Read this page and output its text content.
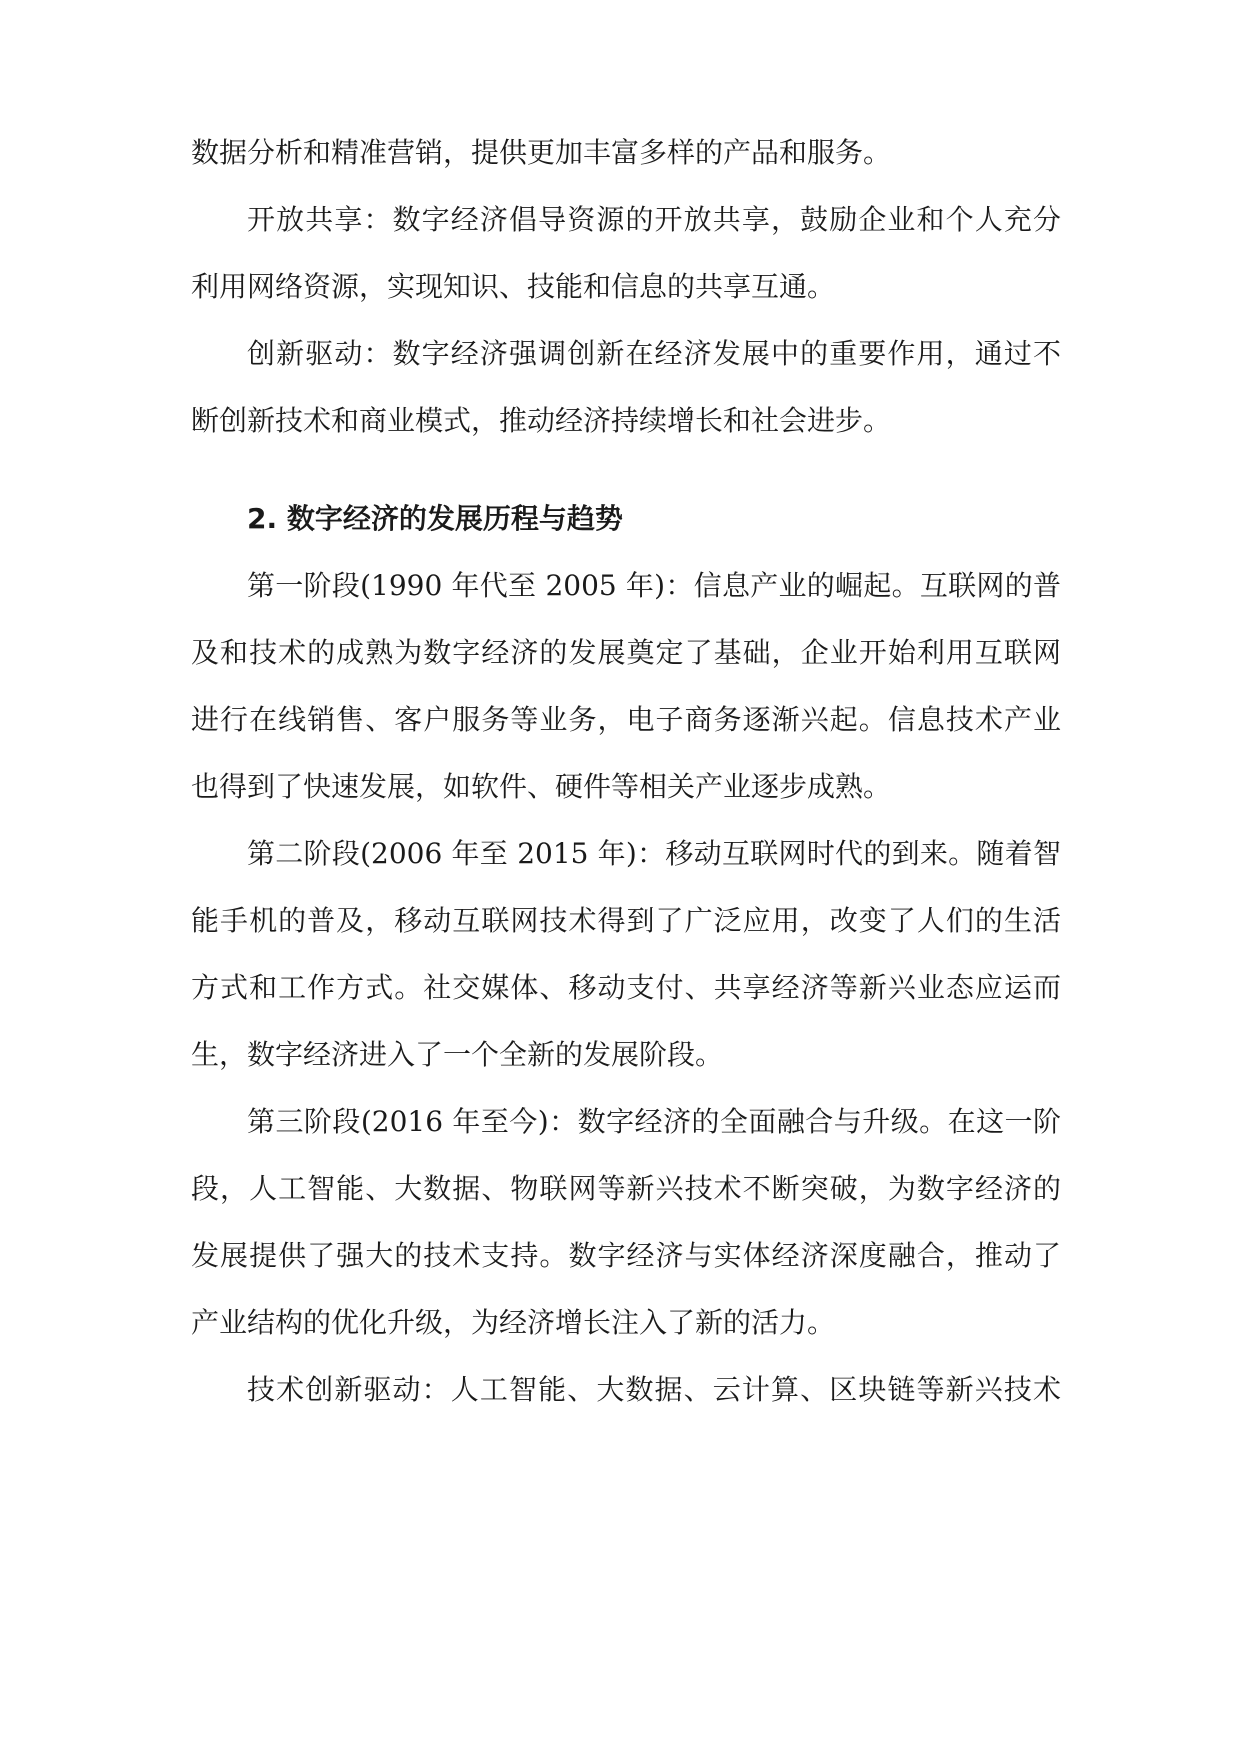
数据分析和精准营销，提供更加丰富多样的产品和服务。
开放共享：数字经济倡导资源的开放共享，鼓励企业和个人充分
利用网络资源，实现知识、技能和信息的共享互通。
创新驱动：数字经济强调创新在经济发展中的重要作用，通过不
断创新技术和商业模式，推动经济持续增长和社会进步。
2. 数字经济的发展历程与趋势
第一阶段(1990 年代至 2005 年)：信息产业的崛起。互联网的普
及和技术的成熟为数字经济的发展奠定了基础，企业开始利用互联网
进行在线销售、客户服务等业务，电子商务逐渐兴起。信息技术产业
也得到了快速发展，如软件、硬件等相关产业逐步成熟。
第二阶段(2006 年至 2015 年)：移动互联网时代的到来。随着智
能手机的普及，移动互联网技术得到了广泛应用，改变了人们的生活
方式和工作方式。社交媒体、移动支付、共享经济等新兴业态应运而
生，数字经济进入了一个全新的发展阶段。
第三阶段(2016 年至今)：数字经济的全面融合与升级。在这一阶
段，人工智能、大数据、物联网等新兴技术不断突破，为数字经济的
发展提供了强大的技术支持。数字经济与实体经济深度融合，推动了
产业结构的优化升级，为经济增长注入了新的活力。
技术创新驱动：人工智能、大数据、云计算、区块链等新兴技术
